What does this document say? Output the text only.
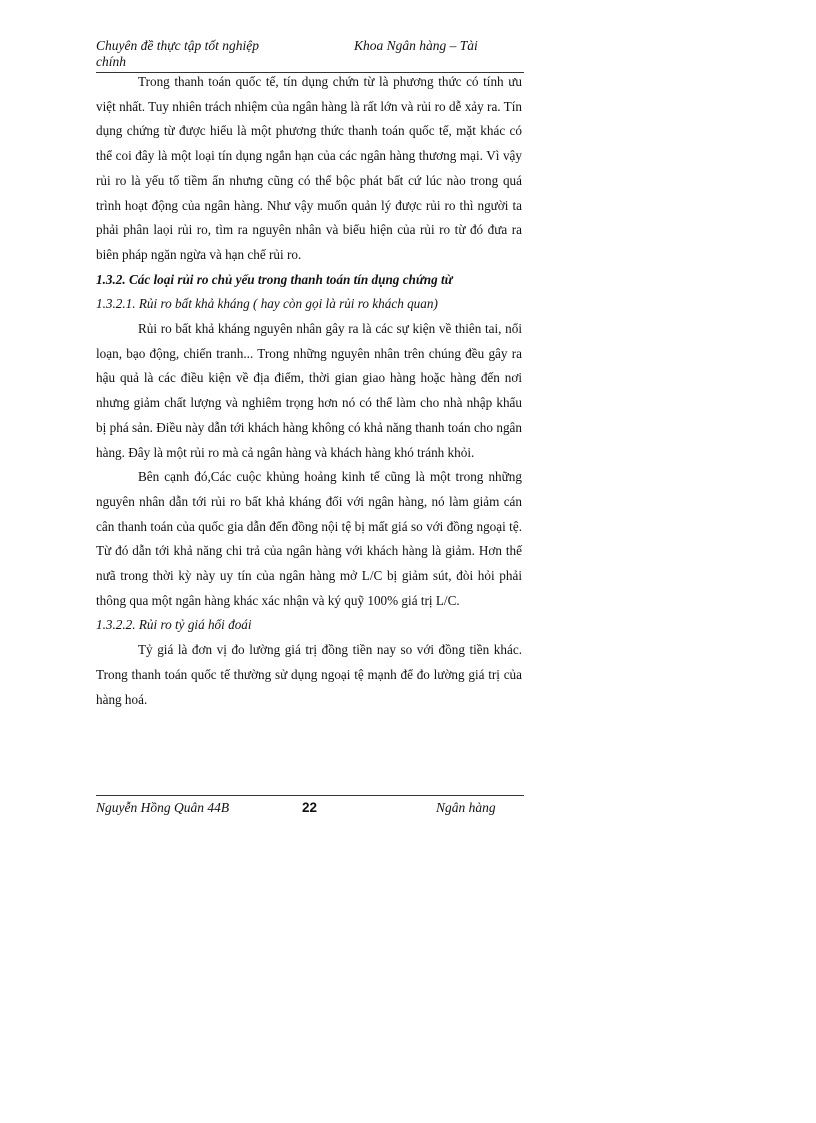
Chuyên đề thực tập tốt nghiệp chính
Khoa Ngân hàng – Tài

Trong thanh toán quốc tế, tín dụng chứn từ là phương thức có tính ưu việt nhất. Tuy nhiên trách nhiệm của ngân hàng là rất lớn và rủi ro dễ xảy ra. Tín dụng chứng từ được hiểu là một phương thức thanh toán quốc tế, mặt khác có thể coi đây là một loại tín dụng ngắn hạn của các ngân hàng thương mại. Vì vậy rủi ro là yếu tố tiềm ẩn nhưng cũng có thể bộc phát bất cứ lúc nào trong quá trình hoạt động của ngân hàng. Như vậy muốn quản lý được rủi ro thì người ta phải phân laọi rủi ro, tìm ra nguyên nhân và biểu hiện của rủi ro từ đó đưa ra biên pháp ngăn ngừa và hạn chế rủi ro.

1.3.2. Các loại rủi ro chủ yếu trong thanh toán tín dụng chứng từ

1.3.2.1. Rủi ro bất khả kháng ( hay còn gọi là rủi ro khách quan)

Rủi ro bất khả kháng nguyên nhân gây ra là các sự kiện về thiên tai, nổi loạn, bạo động, chiến tranh... Trong những nguyên nhân trên chúng đều gây ra hậu quả là các điều kiện về địa điểm, thời gian giao hàng hoặc hàng đến nơi nhưng giảm chất lượng và nghiêm trọng hơn nó có thể làm cho nhà nhập khẩu bị phá sản. Điều này dẫn tới khách hàng không có khả năng thanh toán cho ngân hàng. Đây là một rủi ro mà cả ngân hàng và khách hàng khó tránh khỏi.

Bên cạnh đó,Các cuộc khủng hoảng kinh tế cũng là một trong những nguyên nhân dẫn tới rủi ro bất khả kháng đối với ngân hàng, nó làm giảm cán cân thanh toán của quốc gia dẫn đến đồng nội tệ bị mất giá so với đồng ngoại tệ. Từ đó dẫn tới khả năng chi trả của ngân hàng với khách hàng là giảm. Hơn thế nưã trong thời kỳ này uy tín của ngân hàng mở L/C bị giảm sút, đòi hỏi phải thông qua một ngân hàng khác xác nhận và ký quỹ 100% giá trị L/C.

1.3.2.2. Rủi ro tỷ giá hối đoái

Tỷ giá là đơn vị đo lường giá trị đồng tiền nay so với đồng tiền khác. Trong thanh toán quốc tế thường sử dụng ngoại tệ mạnh để đo lường giá trị của hàng hoá.

Nguyễn Hồng Quân 44B	22	Ngân hàng
